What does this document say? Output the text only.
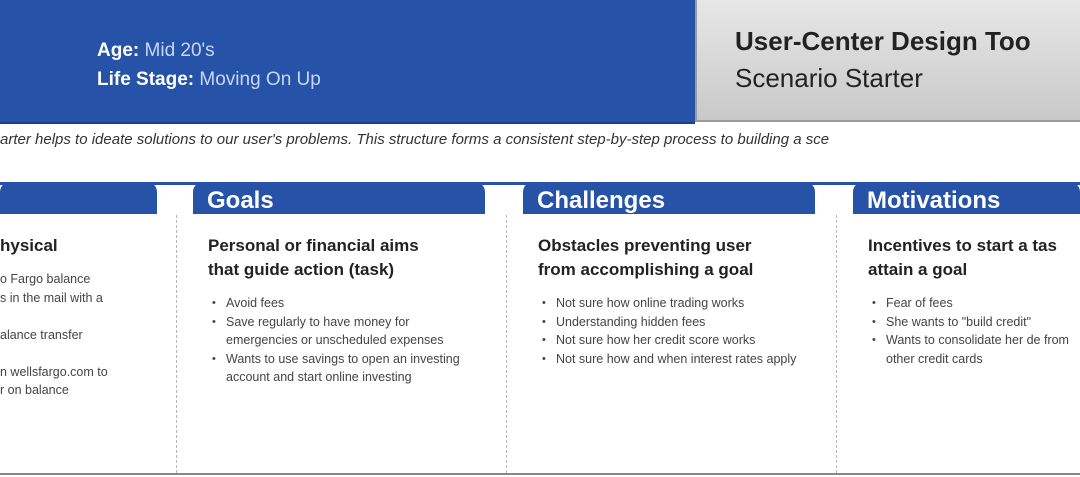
Age: Mid 20's
Life Stage: Moving On Up
User-Center Design Too
Scenario Starter
arter helps to ideate solutions to our user's problems. This structure forms a consistent step-by-step process to building a sce
Goals	Challenges	Motivations
hysical

o Fargo balance
s in the mail with a

alance transfer

n wellsfargo.com to
r on balance
Personal or financial aims
that guide action (task)
• Avoid fees
• Save regularly to have money for emergencies or unscheduled expenses
• Wants to use savings to open an investing account and start online investing
Obstacles preventing user
from accomplishing a goal
• Not sure how online trading works
• Understanding hidden fees
• Not sure how her credit score works
• Not sure how and when interest rates apply
Incentives to start a tas
attain a goal
• Fear of fees
• She wants to "build credit"
• Wants to consolidate her de from other credit cards
